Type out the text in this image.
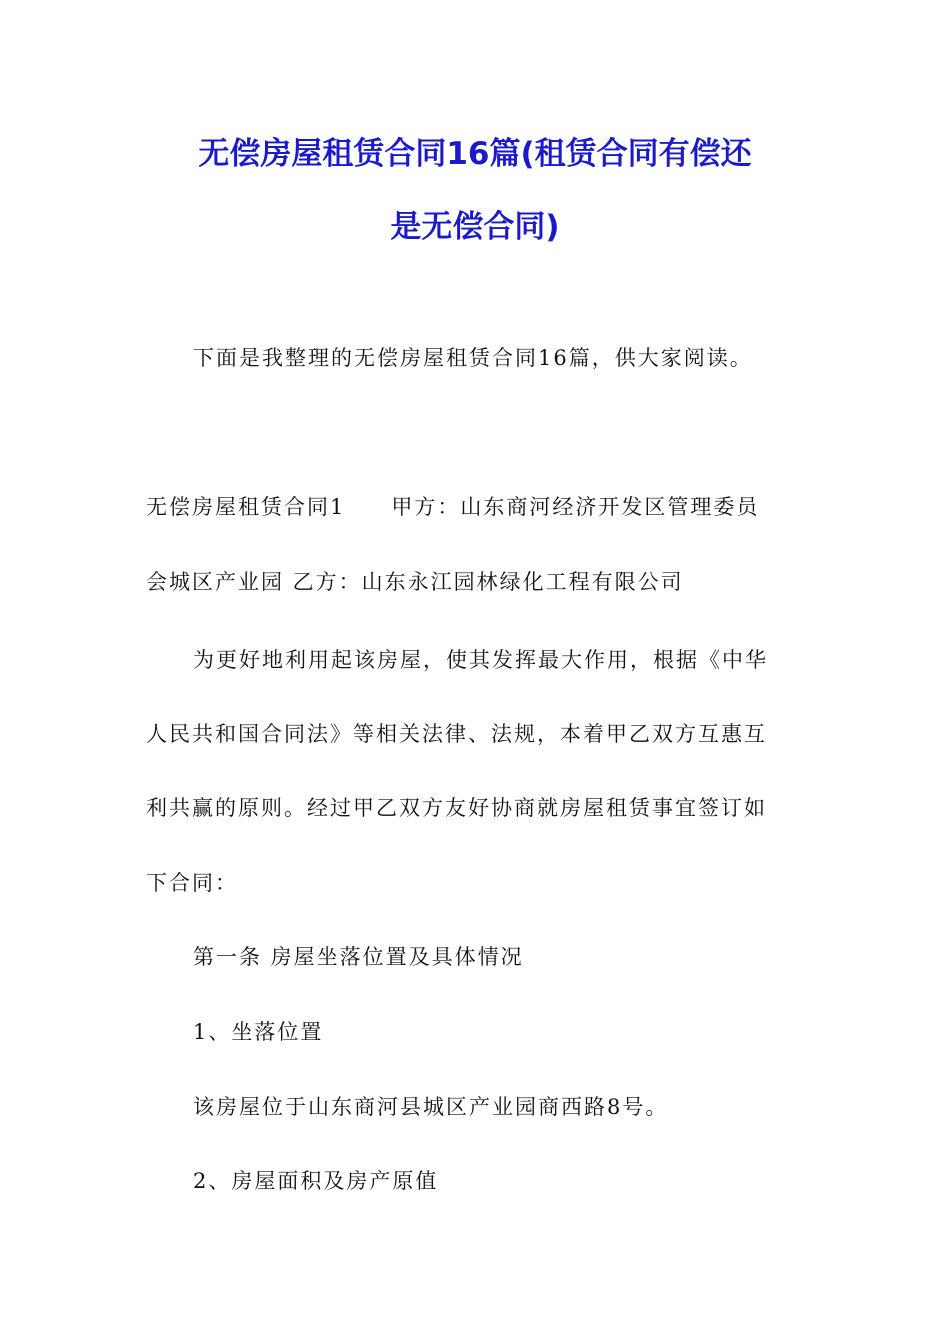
无偿房屋租赁合同16篇(租赁合同有偿还
是无偿合同)
下面是我整理的无偿房屋租赁合同16篇，供大家阅读。
无偿房屋租赁合同1　　甲方：山东商河经济开发区管理委员
会城区产业园 乙方：山东永江园林绿化工程有限公司
为更好地利用起该房屋，使其发挥最大作用，根据《中华
人民共和国合同法》等相关法律、法规，本着甲乙双方互惠互
利共赢的原则。经过甲乙双方友好协商就房屋租赁事宜签订如
下合同：
第一条 房屋坐落位置及具体情况
1、坐落位置
该房屋位于山东商河县城区产业园商西路8号。
2、房屋面积及房产原值
